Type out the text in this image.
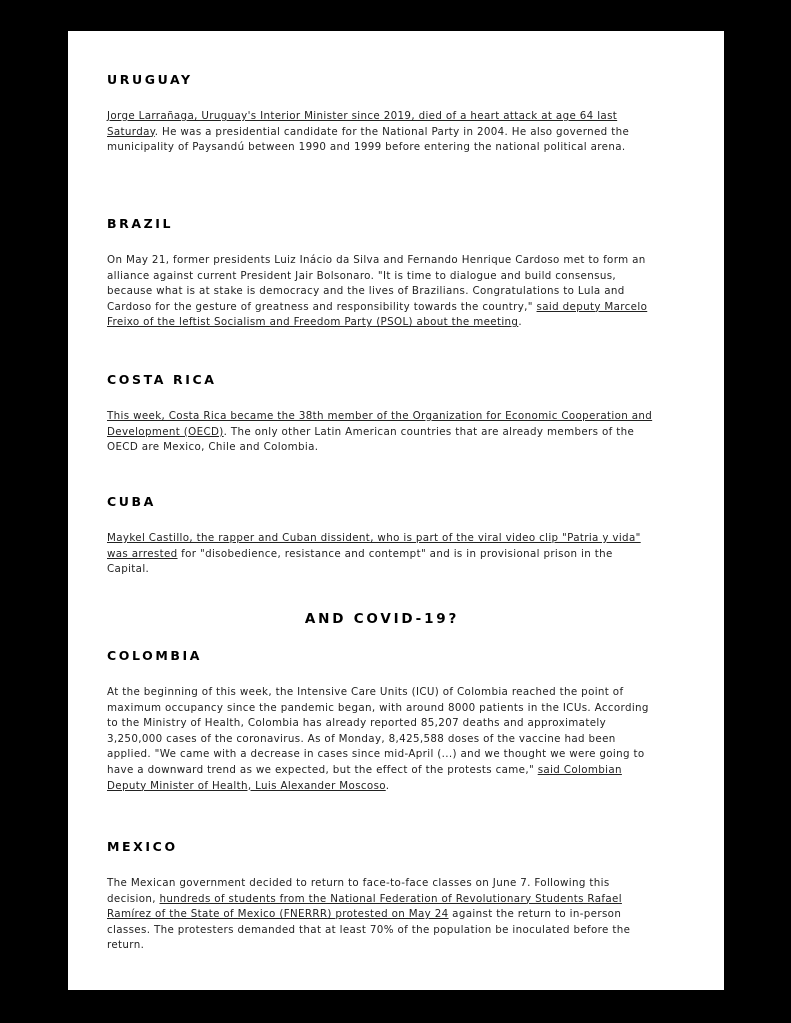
URUGUAY

Jorge Larrañaga, Uruguay's Interior Minister since 2019, died of a heart attack at age 64 last Saturday. He was a presidential candidate for the National Party in 2004. He also governed the municipality of Paysandú between 1990 and 1999 before entering the national political arena.

BRAZIL

On May 21, former presidents Luiz Inácio da Silva and Fernando Henrique Cardoso met to form an alliance against current President Jair Bolsonaro. "It is time to dialogue and build consensus, because what is at stake is democracy and the lives of Brazilians. Congratulations to Lula and Cardoso for the gesture of greatness and responsibility towards the country," said deputy Marcelo Freixo of the leftist Socialism and Freedom Party (PSOL) about the meeting.

COSTA RICA

This week, Costa Rica became the 38th member of the Organization for Economic Cooperation and Development (OECD). The only other Latin American countries that are already members of the OECD are Mexico, Chile and Colombia.

CUBA

Maykel Castillo, the rapper and Cuban dissident, who is part of the viral video clip "Patria y vida" was arrested for "disobedience, resistance and contempt" and is in provisional prison in the Capital.

AND COVID-19?
COLOMBIA

At the beginning of this week, the Intensive Care Units (ICU) of Colombia reached the point of maximum occupancy since the pandemic began, with around 8000 patients in the ICUs. According to the Ministry of Health, Colombia has already reported 85,207 deaths and approximately 3,250,000 cases of the coronavirus. As of Monday, 8,425,588 doses of the vaccine had been applied. "We came with a decrease in cases since mid-April (...) and we thought we were going to have a downward trend as we expected, but the effect of the protests came," said Colombian Deputy Minister of Health, Luis Alexander Moscoso.

MEXICO

The Mexican government decided to return to face-to-face classes on June 7. Following this decision, hundreds of students from the National Federation of Revolutionary Students Rafael Ramírez of the State of Mexico (FNERRR) protested on May 24 against the return to in-person classes. The protesters demanded that at least 70% of the population be inoculated before the return.
